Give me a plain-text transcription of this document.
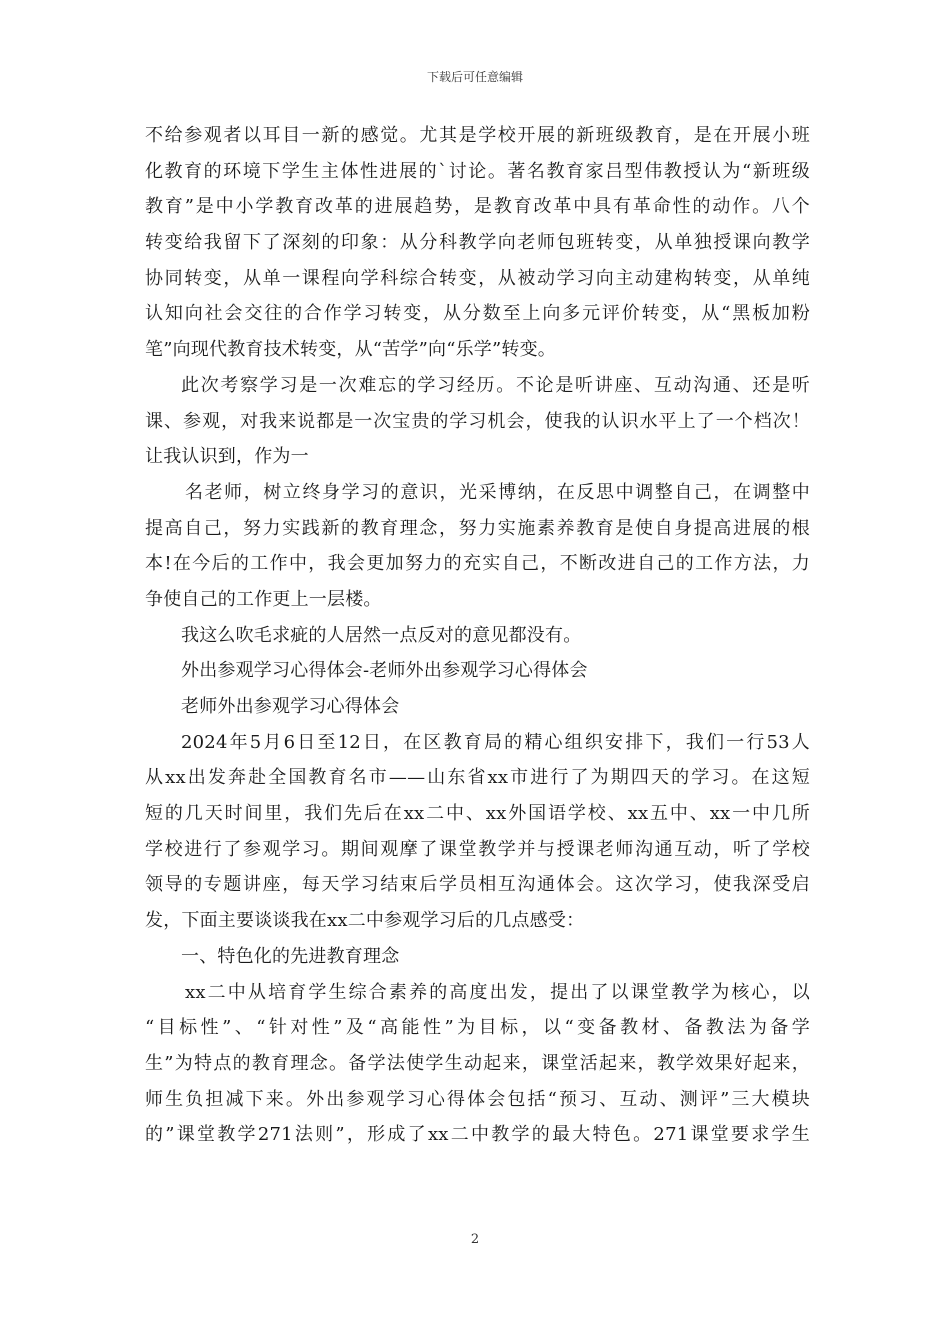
下载后可任意编辑
不给参观者以耳目一新的感觉。尤其是学校开展的新班级教育，是在开展小班
化教育的环境下学生主体性进展的`讨论。著名教育家吕型伟教授认为“新班级
教育”是中小学教育改革的进展趋势，是教育改革中具有革命性的动作。八个
转变给我留下了深刻的印象：从分科教学向老师包班转变，从单独授课向教学
协同转变，从单一课程向学科综合转变，从被动学习向主动建构转变，从单纯
认知向社会交往的合作学习转变，从分数至上向多元评价转变，从“黑板加粉
笔”向现代教育技术转变，从“苦学”向“乐学”转变。
此次考察学习是一次难忘的学习经历。不论是听讲座、互动沟通、还是听
课、参观，对我来说都是一次宝贵的学习机会，使我的认识水平上了一个档次！
让我认识到，作为一
名老师，树立终身学习的意识，光采博纳，在反思中调整自己，在调整中
提高自己，努力实践新的教育理念，努力实施素养教育是使自身提高进展的根
本!在今后的工作中，我会更加努力的充实自己，不断改进自己的工作方法，力
争使自己的工作更上一层楼。
我这么吹毛求疵的人居然一点反对的意见都没有。
外出参观学习心得体会-老师外出参观学习心得体会
老师外出参观学习心得体会
2024年5月6日至12日，在区教育局的精心组织安排下，我们一行53人
从xx出发奔赴全国教育名市——山东省xx市进行了为期四天的学习。在这短
短的几天时间里，我们先后在xx二中、xx外国语学校、xx五中、xx一中几所
学校进行了参观学习。期间观摩了课堂教学并与授课老师沟通互动，听了学校
领导的专题讲座，每天学习结束后学员相互沟通体会。这次学习，使我深受启
发，下面主要谈谈我在xx二中参观学习后的几点感受：
一、特色化的先进教育理念
xx二中从培育学生综合素养的高度出发，提出了以课堂教学为核心，以
“目标性”、“针对性”及“高能性”为目标，以“变备教材、备教法为备学
生”为特点的教育理念。备学法使学生动起来，课堂活起来，教学效果好起来，
师生负担减下来。外出参观学习心得体会包括“预习、互动、测评”三大模块
的”课堂教学271法则”，形成了xx二中教学的最大特色。271课堂要求学生
2
